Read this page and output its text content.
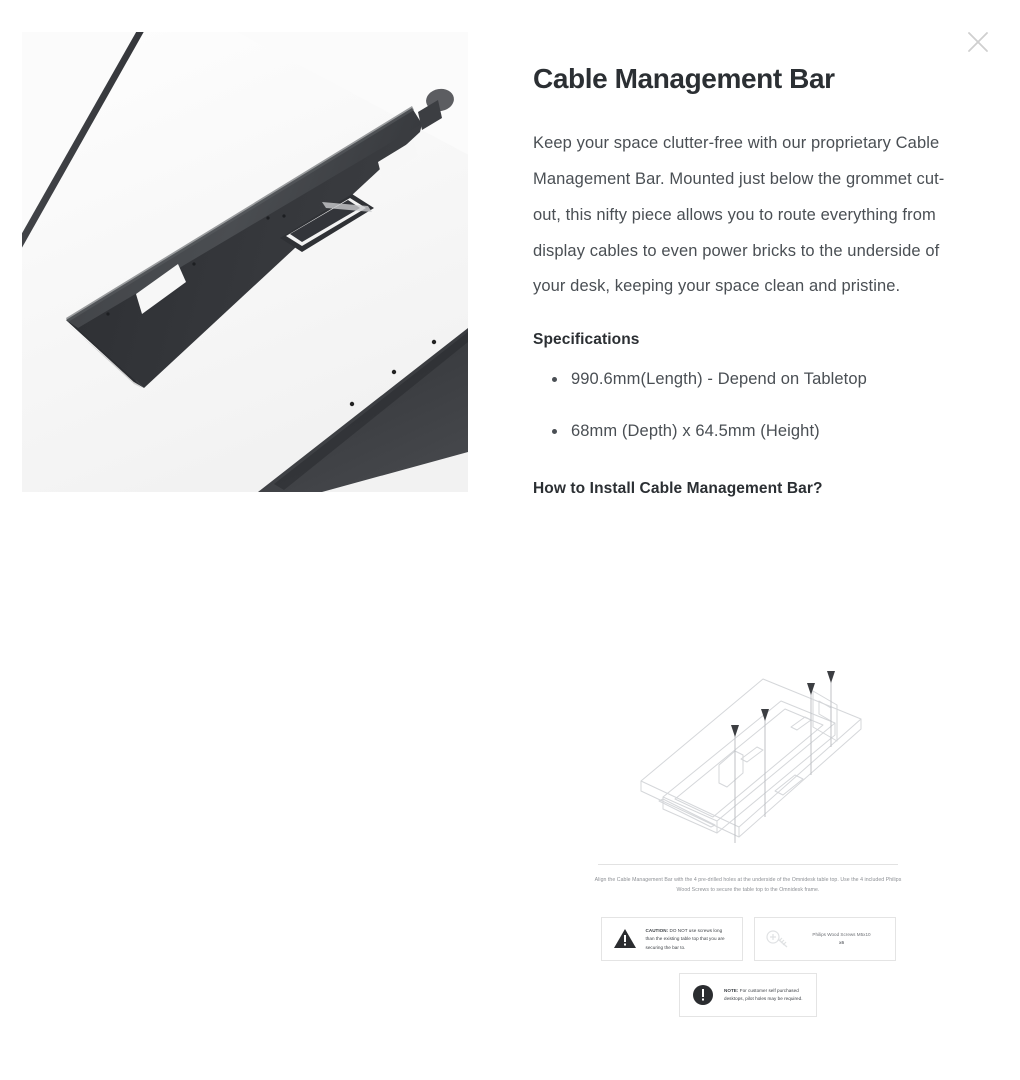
Cable Management Bar

Keep your space clutter-free with our proprietary Cable Management Bar. Mounted just below the grommet cut-out, this nifty piece allows you to route everything from display cables to even power bricks to the underside of your desk, keeping your space clean and pristine.

Specifications
990.6mm(Length) - Depend on Tabletop
68mm (Depth) x 64.5mm (Height)
How to Install Cable Management Bar?

Align the Cable Management Bar with the 4 pre-drilled holes at the underside of the Omnidesk table top. Use the 4 included Philips Wood Screws to secure the table top to the Omnidesk frame.

CAUTION: DO NOT use screws long than the existing table top that you are securing the bar to.
Philips Wood Screws M5x10
x6
NOTE: For customer self purchased desktops, pilot holes may be required.
